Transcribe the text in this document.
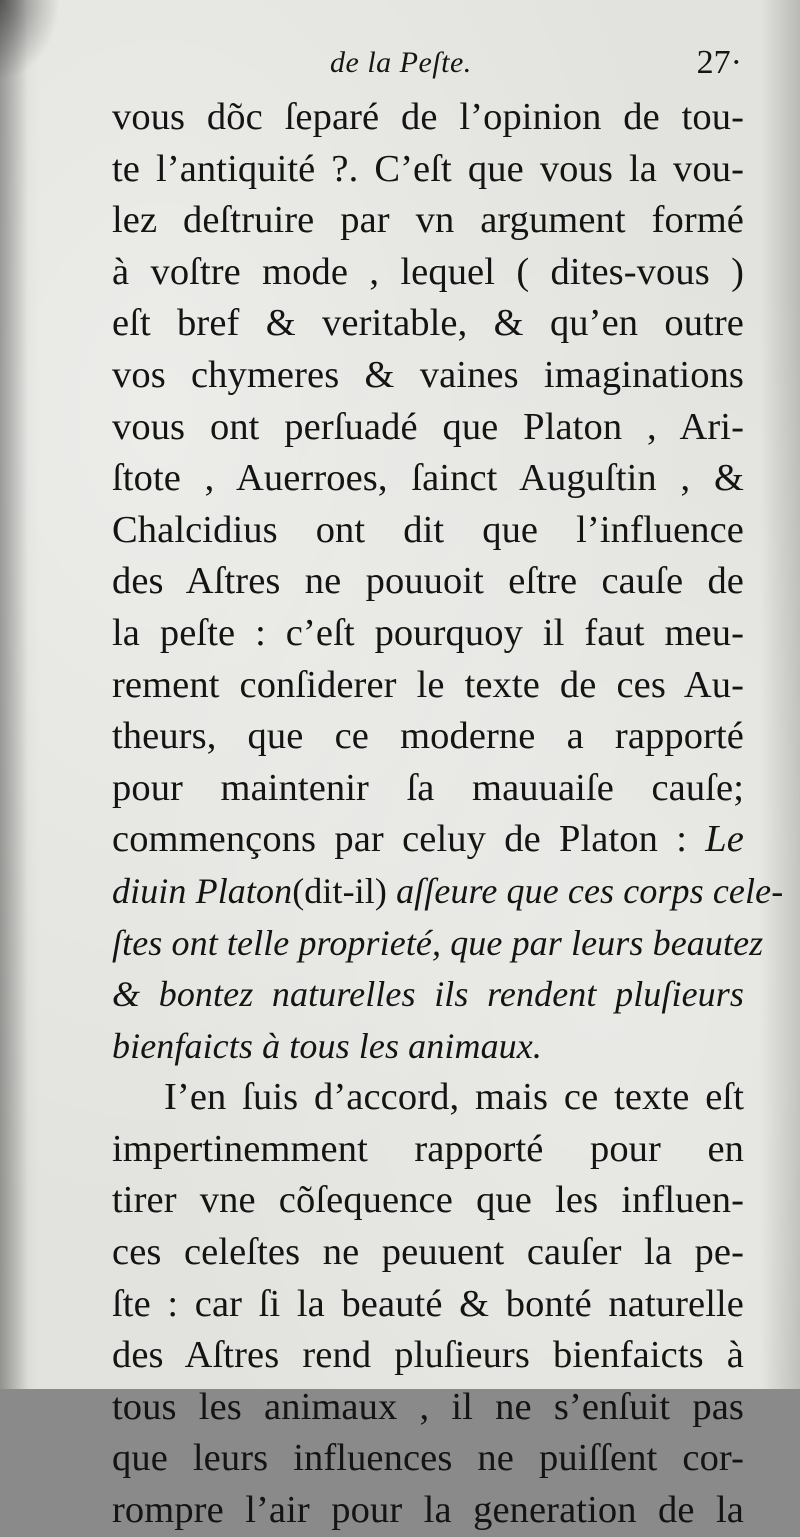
de la Peſte.	27·
vous dõc ſeparé de l’opinion de tou-
te l’antiquité ?. C’eſt que vous la vou-
lez deſtruire par vn argument formé
à voſtre mode , lequel ( dites-vous )
eſt bref & veritable, & qu’en outre
vos chymeres & vaines imaginations
vous ont perſuadé que Platon , Ari-
ſtote , Auerroes, ſainct Auguſtin , &
Chalcidius ont dit que l’influence
des Aſtres ne pouuoit eſtre cauſe de
la peſte : c’eſt pourquoy il faut meu-
rement conſiderer le texte de ces Au-
theurs, que ce moderne a rapporté
pour maintenir ſa mauuaiſe cauſe;
commençons par celuy de Platon : Le
diuin Platon(dit-il) aſſeure que ces corps cele-
ſtes ont telle proprieté, que par leurs beautez
& bontez naturelles ils rendent pluſieurs
bienfaicts à tous les animaux.
I’en ſuis d’accord, mais ce texte eſt
impertinemment rapporté pour en
tirer vne cõſequence que les influen-
ces celeſtes ne peuuent cauſer la pe-
ſte : car ſi la beauté & bonté naturelle
des Aſtres rend pluſieurs bienfaicts à
tous les animaux , il ne s’enſuit pas
que leurs influences ne puiſſent cor-
rompre l’air pour la generation de la
